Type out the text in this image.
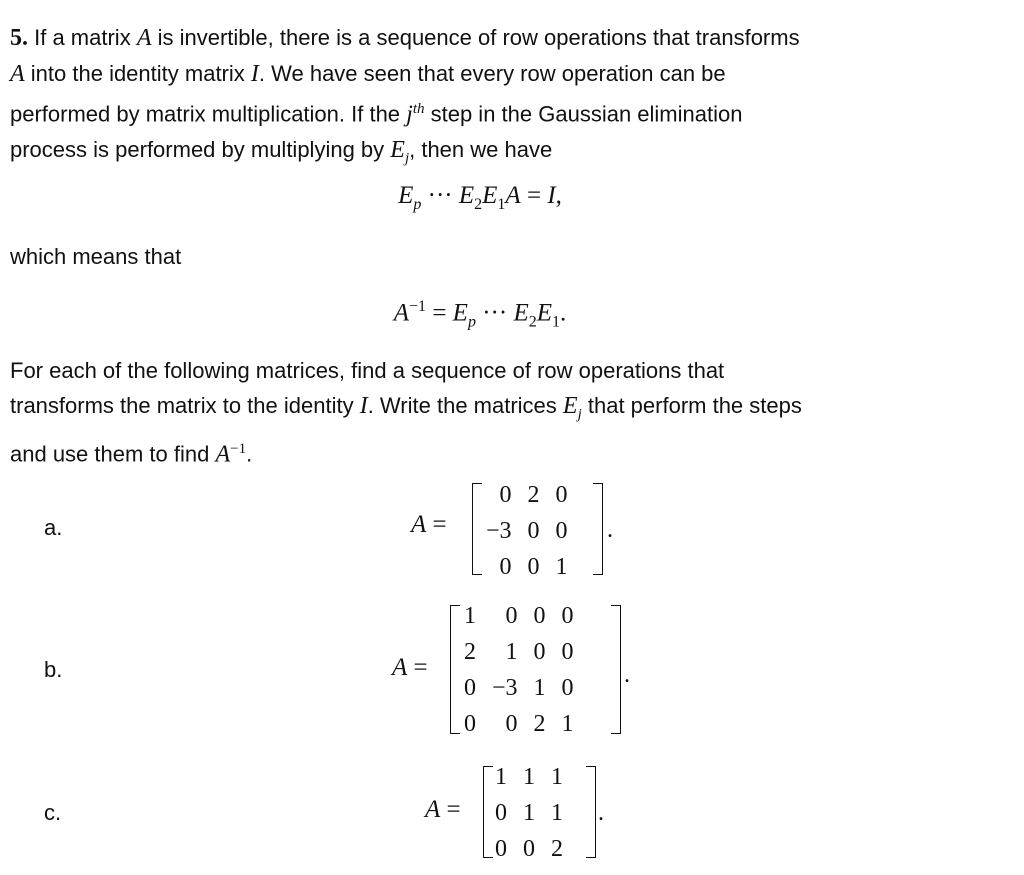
5. If a matrix A is invertible, there is a sequence of row operations that transforms
A into the identity matrix I. We have seen that every row operation can be
performed by matrix multiplication. If the $j^{th}$ step in the Gaussian elimination
process is performed by multiplying by $E_j$, then we have

$E_p$ ··· $E_2E_1A = I$,

which means that

$A^{-1} = E_p$ ··· $E_2E_1$.

For each of the following matrices, find a sequence of row operations that
transforms the matrix to the identity I. Write the matrices $E_j$ that perform the steps
and use them to find $A^{-1}$.

a.	A =
0	2	0
−3	0	0
0	0	1
.
b.	A =
1	0	0	0
2	1	0	0
0	−3	1	0
0	0	2	1
.
c.	A =
1	1	1
0	1	1
0	0	2
.
